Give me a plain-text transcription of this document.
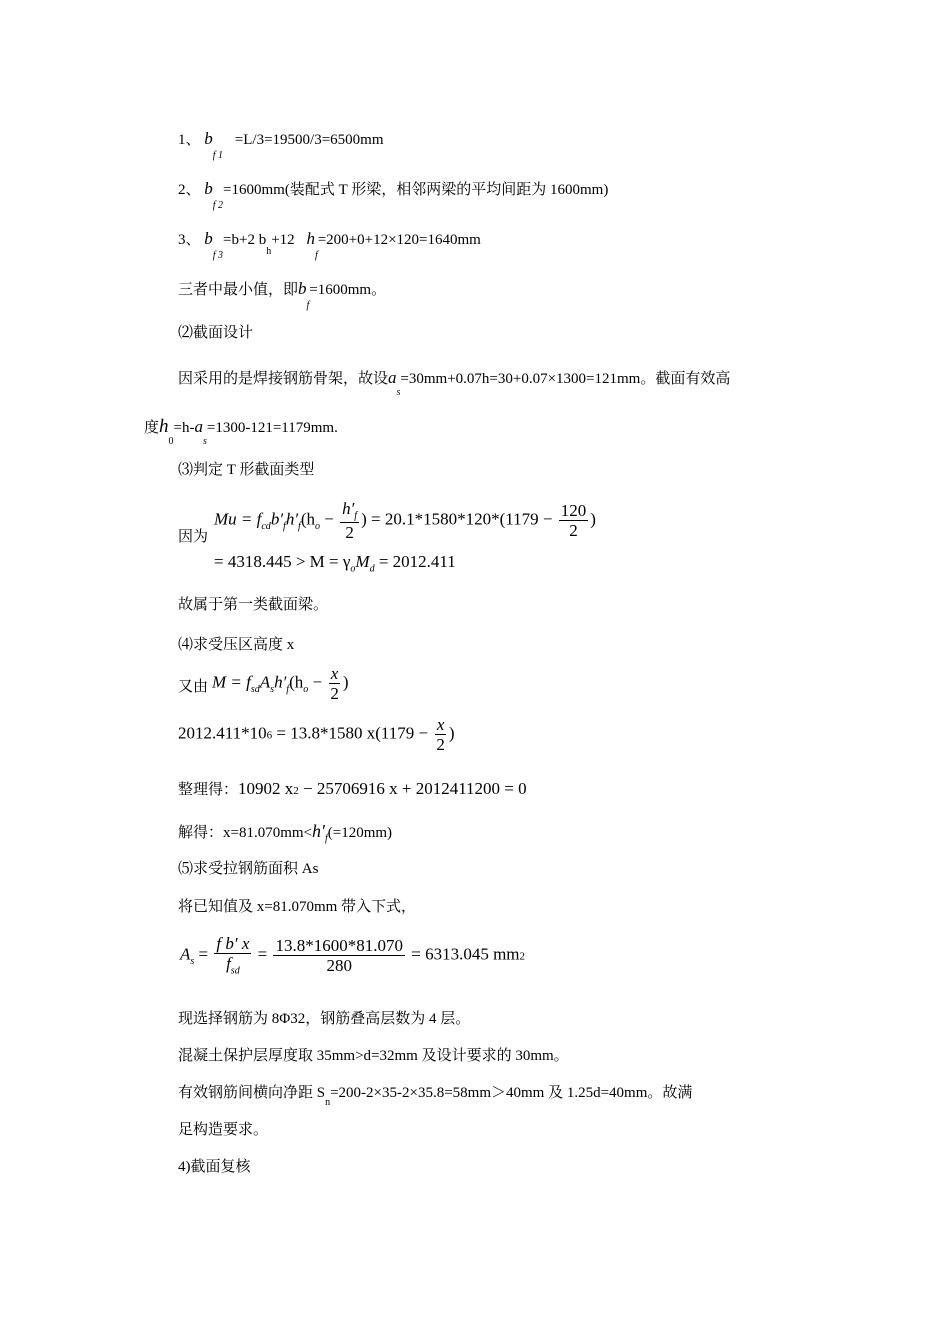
1、 $b_{f 1} =L/3=19500/3=6500mm$
2、 $b_{f 2}=1600mm$(装配式 T 形梁，相邻两梁的平均间距为 1600mm)
3、 $b_{f 3}=b+2$ $b_h+12$ $h_f=200+0+12\times 120=1640mm$
三者中最小值，即$b_f=1600mm$。
⑵截面设计
因采用的是焊接钢筋骨架，故设$a_s=30mm+0.07h=30+0.07\times 1300=121mm$。截面有效高
度$h_0=h-a_s=1300-121=1179mm$.
⑶判定 T 形截面类型
因为
$Mu = f_{cd}b'_fh'_f(h_o - \frac{h'_f}{2}$ ) = $20.1*1580*120*(1179 - \frac{120}{2}$ )
= $4318.445 > M = \gamma_oM_d = 2012.411$
故属于第一类截面梁。
⑷求受压区高度 x
又由 $M = f_{sd}A_sh'_f(h_o - \frac{x}{2}$ )
2012.411*106 = 13.8*1580 $x(1179 - \frac{x}{2}$ )
整理得：10902 x2 − 25706916 x + 2012411200 = 0
解得：$x=81.070mm<h'_f(=120mm)$
⑸求受拉钢筋面积 As
将已知值及 x=81.070mm 带入下式，
$A_s = \frac{\text{f b′ x}}{f_{sd}} = \frac{13.8*1600*81.070}{280} = 6313.045$ mm2
现选择钢筋为 8Φ32，钢筋叠高层数为 4 层。
混凝土保护层厚度取 35mm>d=32mm 及设计要求的 30mm。
有效钢筋间横向净距 $S_n=200-2\times 35-2\times 35.8=58mm>40mm$ 及 1.25d=40mm。故满
足构造要求。
4)截面复核
